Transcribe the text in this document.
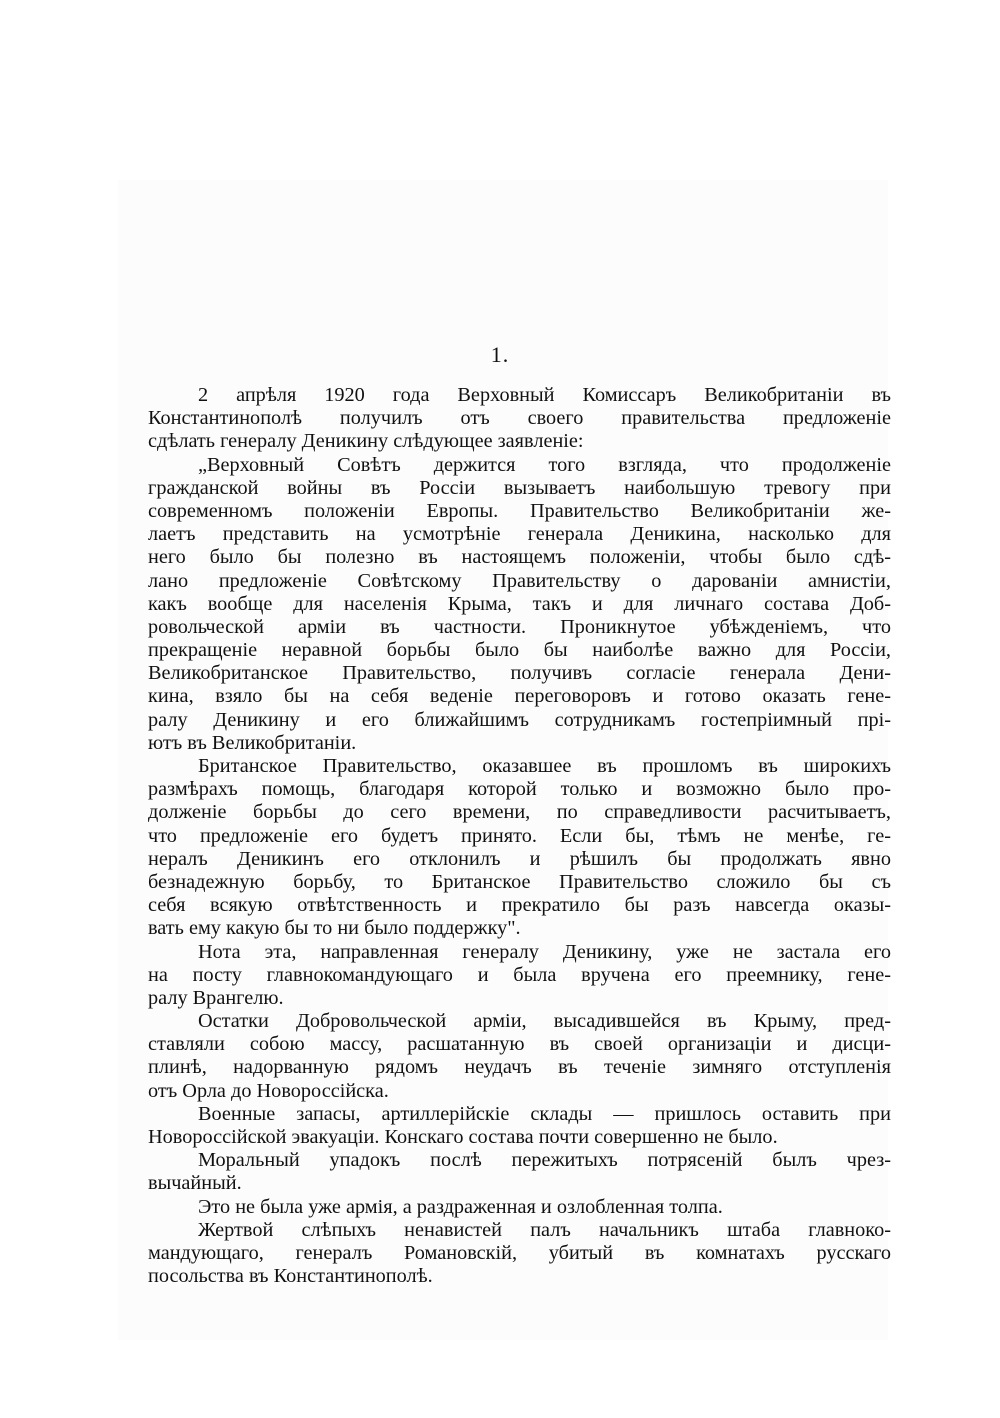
1.
2 апрѣля 1920 года Верховный Комиссаръ Великобританіи въ
Константинополѣ получилъ отъ своего правительства предложеніе
сдѣлать генералу Деникину слѣдующее заявленіе:
„Верховный Совѣтъ держится того взгляда, что продолженіе
гражданской войны въ Россіи вызываетъ наибольшую тревогу при
современномъ положеніи Европы. Правительство Великобританіи же-
лаетъ представить на усмотрѣніе генерала Деникина, насколько для
него было бы полезно въ настоящемъ положеніи, чтобы было сдѣ-
лано предложеніе Совѣтскому Правительству о дарованіи амнистіи,
какъ вообще для населенія Крыма, такъ и для личнаго состава Доб-
ровольческой арміи въ частности. Проникнутое убѣжденіемъ, что
прекращеніе неравной борьбы было бы наиболѣе важно для Россіи,
Великобританское Правительство, получивъ согласіе генерала Дени-
кина, взяло бы на себя веденіе переговоровъ и готово оказать гене-
ралу Деникину и его ближайшимъ сотрудникамъ гостепріимный прі-
ютъ въ Великобританіи.
Британское Правительство, оказавшее въ прошломъ въ широкихъ
размѣрахъ помощь, благодаря которой только и возможно было про-
долженіе борьбы до сего времени, по справедливости расчитываетъ,
что предложеніе его будетъ принято. Если бы, тѣмъ не менѣе, ге-
нералъ Деникинъ его отклонилъ и рѣшилъ бы продолжать явно
безнадежную борьбу, то Британское Правительство сложило бы съ
себя всякую отвѣтственность и прекратило бы разъ навсегда оказы-
вать ему какую бы то ни было поддержку".
Нота эта, направленная генералу Деникину, уже не застала его
на посту главнокомандующаго и была вручена его преемнику, гене-
ралу Врангелю.
Остатки Добровольческой арміи, высадившейся въ Крыму, пред-
ставляли собою массу, расшатанную въ своей организаціи и дисци-
плинѣ, надорванную рядомъ неудачъ въ теченіе зимняго отступленія
отъ Орла до Новороссійска.
Военные запасы, артиллерійскіе склады — пришлось оставить при
Новороссійской эвакуаціи. Конскаго состава почти совершенно не было.
Моральный упадокъ послѣ пережитыхъ потрясеній былъ чрез-
вычайный.
Это не была уже армія, а раздраженная и озлобленная толпа.
Жертвой слѣпыхъ ненавистей палъ начальникъ штаба главноко-
мандующаго, генералъ Романовскій, убитый въ комнатахъ русскаго
посольства въ Константинополѣ.
